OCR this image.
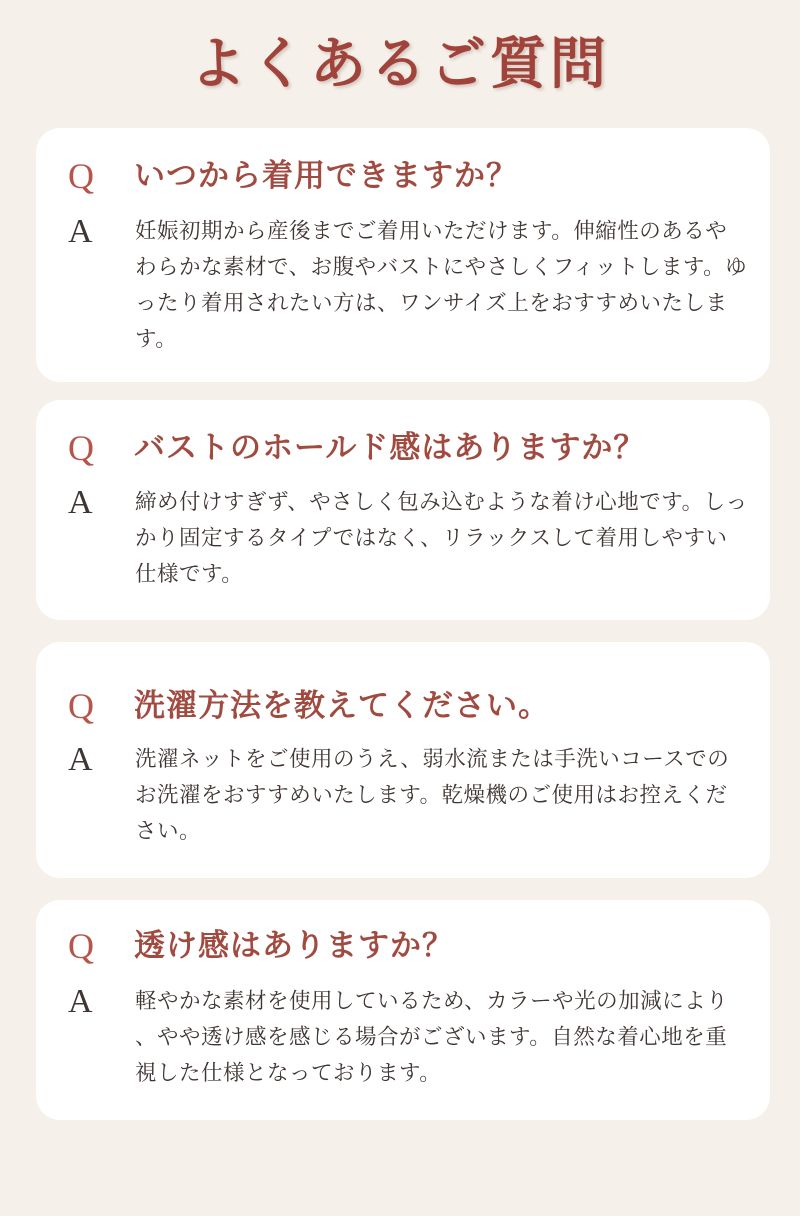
よくあるご質問
Q	いつから着用できますか？
A	妊娠初期から産後までご着用いただけます。伸縮性のあるやわらかな素材で、お腹やバストにやさしくフィットします。ゆったり着用されたい方は、ワンサイズ上をおすすめいたします。
Q	バストのホールド感はありますか？
A	締め付けすぎず、やさしく包み込むような着け心地です。しっかり固定するタイプではなく、リラックスして着用しやすい仕様です。
Q	洗濯方法を教えてください。
A	洗濯ネットをご使用のうえ、弱水流または手洗いコースでのお洗濯をおすすめいたします。乾燥機のご使用はお控えください。
Q	透け感はありますか？
A	軽やかな素材を使用しているため、カラーや光の加減により、やや透け感を感じる場合がございます。自然な着心地を重視した仕様となっております。
